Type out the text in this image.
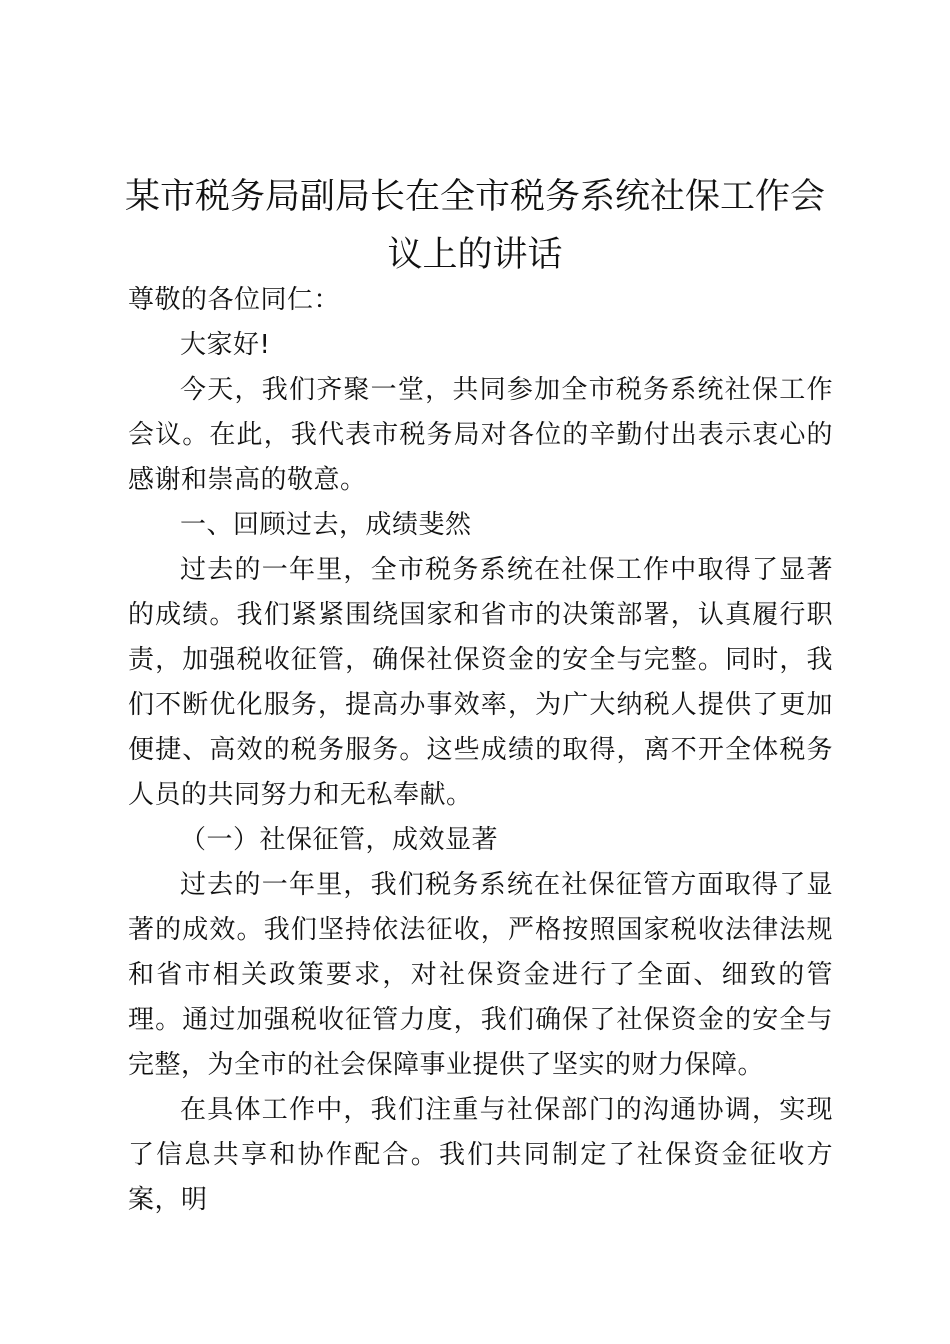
某市税务局副局长在全市税务系统社保工作会议上的讲话

尊敬的各位同仁：

大家好!

今天，我们齐聚一堂，共同参加全市税务系统社保工作会议。在此，我代表市税务局对各位的辛勤付出表示衷心的感谢和崇高的敬意。

一、回顾过去，成绩斐然

过去的一年里，全市税务系统在社保工作中取得了显著的成绩。我们紧紧围绕国家和省市的决策部署，认真履行职责，加强税收征管，确保社保资金的安全与完整。同时，我们不断优化服务，提高办事效率，为广大纳税人提供了更加便捷、高效的税务服务。这些成绩的取得，离不开全体税务人员的共同努力和无私奉献。

（一）社保征管，成效显著

过去的一年里，我们税务系统在社保征管方面取得了显著的成效。我们坚持依法征收，严格按照国家税收法律法规和省市相关政策要求，对社保资金进行了全面、细致的管理。通过加强税收征管力度，我们确保了社保资金的安全与完整，为全市的社会保障事业提供了坚实的财力保障。

在具体工作中，我们注重与社保部门的沟通协调，实现了信息共享和协作配合。我们共同制定了社保资金征收方案，明
